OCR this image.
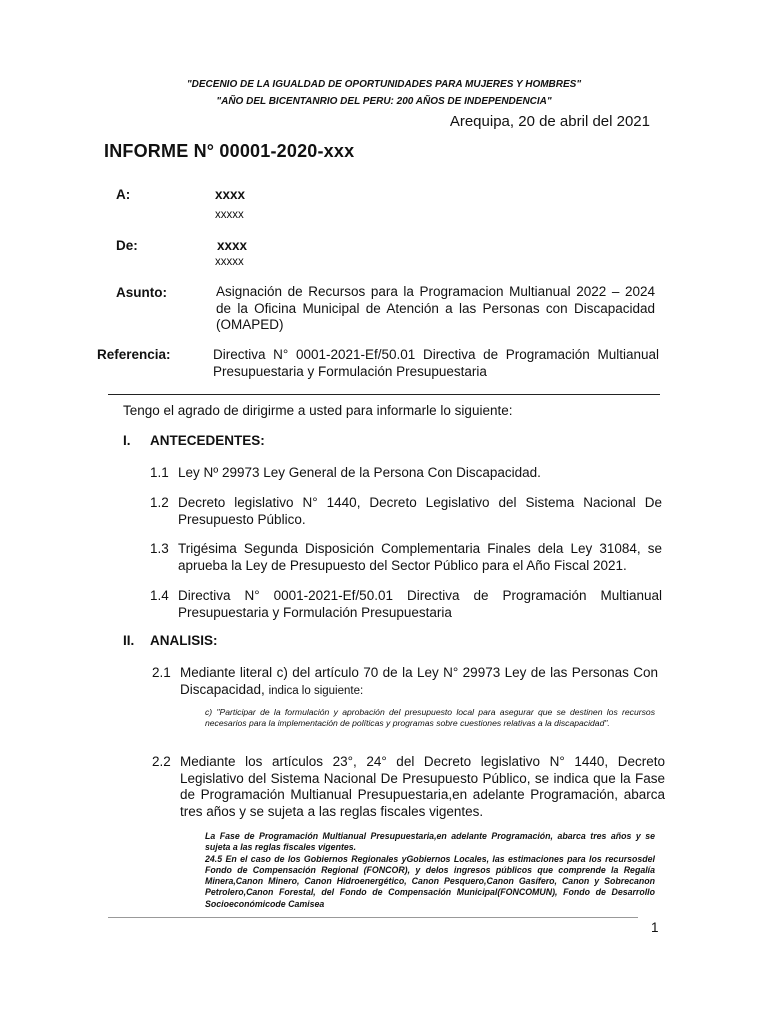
"DECENIO DE LA IGUALDAD DE OPORTUNIDADES PARA MUJERES Y HOMBRES"
"AÑO DEL BICENTANRIO DEL PERU: 200 AÑOS DE INDEPENDENCIA"
Arequipa, 20 de abril del 2021
INFORME N° 00001-2020-xxx
A:	xxxx
xxxxx
De:	xxxx
xxxxx
Asunto:	Asignación de Recursos para la Programacion Multianual 2022 – 2024 de la Oficina Municipal de Atención a las Personas con Discapacidad (OMAPED)
Referencia:	Directiva N° 0001-2021-Ef/50.01 Directiva de Programación Multianual Presupuestaria y Formulación Presupuestaria
Tengo el agrado de dirigirme a usted para informarle lo siguiente:
I. ANTECEDENTES:
1.1 Ley Nº 29973 Ley General de la Persona Con Discapacidad.
1.2 Decreto legislativo N° 1440, Decreto Legislativo del Sistema Nacional De Presupuesto Público.
1.3 Trigésima Segunda Disposición Complementaria Finales dela Ley 31084, se aprueba la Ley de Presupuesto del Sector Público para el Año Fiscal 2021.
1.4 Directiva N° 0001-2021-Ef/50.01 Directiva de Programación Multianual Presupuestaria y Formulación Presupuestaria
II. ANALISIS:
2.1 Mediante literal c) del artículo 70 de la Ley N° 29973 Ley de las Personas Con Discapacidad, indica lo siguiente:
c) "Participar de la formulación y aprobación del presupuesto local para asegurar que se destinen los recursos necesarios para la implementación de políticas y programas sobre cuestiones relativas a la discapacidad".
2.2 Mediante los artículos 23°, 24° del Decreto legislativo N° 1440, Decreto Legislativo del Sistema Nacional De Presupuesto Público, se indica que la Fase de Programación Multianual Presupuestaria,en adelante Programación, abarca tres años y se sujeta a las reglas fiscales vigentes.
La Fase de Programación Multianual Presupuestaria,en adelante Programación, abarca tres años y se sujeta a las reglas fiscales vigentes.
24.5 En el caso de los Gobiernos Regionales yGobiernos Locales, las estimaciones para los recursosdel Fondo de Compensación Regional (FONCOR), y delos ingresos públicos que comprende la Regalía Minera,Canon Minero, Canon Hidroenergético, Canon Pesquero,Canon Gasífero, Canon y Sobrecanon Petrolero,Canon Forestal, del Fondo de Compensación Municipal(FONCOMUN), Fondo de Desarrollo Socioeconómicode Camisea
1
